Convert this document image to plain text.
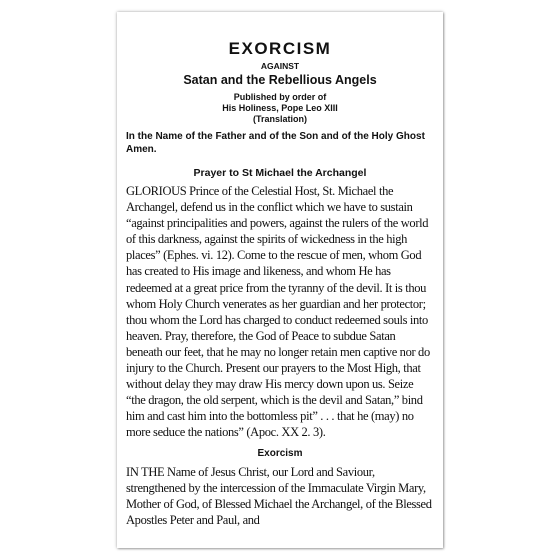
EXORCISM
AGAINST
Satan and the Rebellious Angels
Published by order of
His Holiness, Pope Leo XIII
(Translation)

In the Name of the Father and of the Son and of the Holy Ghost Amen.

Prayer to St Michael the Archangel

GLORIOUS Prince of the Celestial Host, St. Michael the Archangel, defend us in the conflict which we have to sustain “against principalities and powers, against the rulers of the world of this darkness, against the spirits of wickedness in the high places” (Ephes. vi. 12). Come to the rescue of men, whom God has created to His image and likeness, and whom He has redeemed at a great price from the tyranny of the devil. It is thou whom Holy Church venerates as her guardian and her protector; thou whom the Lord has charged to conduct redeemed souls into heaven. Pray, therefore, the God of Peace to subdue Satan beneath our feet, that he may no longer retain men captive nor do injury to the Church. Present our prayers to the Most High, that without delay they may draw His mercy down upon us. Seize “the dragon, the old serpent, which is the devil and Satan,” bind him and cast him into the bottomless pit” . . . that he (may) no more seduce the nations” (Apoc. XX 2. 3).

Exorcism

IN THE Name of Jesus Christ, our Lord and Saviour, strengthened by the intercession of the Immaculate Virgin Mary, Mother of God, of Blessed Michael the Archangel, of the Blessed Apostles Peter and Paul, and
